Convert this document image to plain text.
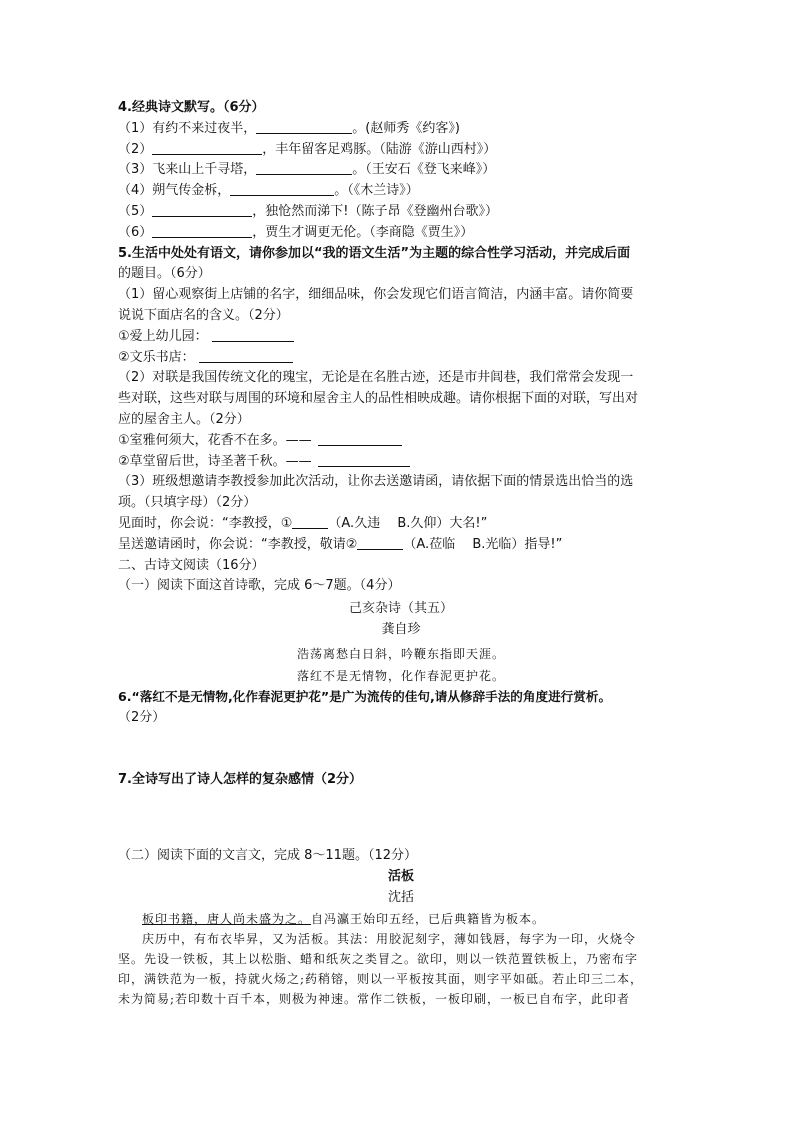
4.经典诗文默写。（6分）
（1）有约不来过夜半，	。(赵师秀《约客》)
（2）	，丰年留客足鸡豚。（陆游《游山西村》）
（3）飞来山上千寻塔，	。（王安石《登飞来峰》）
（4）朔气传金柝，	。（《木兰诗》）
（5）	，独怆然而涕下!（陈子昂《登幽州台歌》）
（6）	，贾生才调更无伦。（李商隐《贾生》）
5.生活中处处有语文，请你参加以“我的语文生活”为主题的综合性学习活动，并完成后面
的题目。（6分）
（1）留心观察街上店铺的名字，细细品味，你会发现它们语言简洁，内涵丰富。请你简要
说说下面店名的含义。（2分）
①爱上幼儿园：
②文乐书店：
（2）对联是我国传统文化的瑰宝，无论是在名胜古迹，还是市井闾巷，我们常常会发现一
些对联，这些对联与周围的环境和屋舍主人的品性相映成趣。请你根据下面的对联，写出对
应的屋舍主人。（2分）
①室雅何须大，花香不在多。——
②草堂留后世，诗圣著千秋。——
（3）班级想邀请李教授参加此次活动，让你去送邀请函，请依据下面的情景选出恰当的选
项。（只填字母）（2分）
见面时，你会说：“李教授，①	（A.久违　 B.久仰）大名!”
呈送邀请函时，你会说：“李教授，敬请②	（A.莅临　 B.光临）指导!”
二、古诗文阅读（16分）
（一）阅读下面这首诗歌，完成 6～7题。（4分）
己亥杂诗（其五）
龚自珍
浩荡离愁白日斜，吟鞭东指即天涯。
落红不是无情物，化作春泥更护花。
6.“落红不是无情物,化作春泥更护花”是广为流传的佳句,请从修辞手法的角度进行赏析。
（2分）
7.全诗写出了诗人怎样的复杂感情（2分）
（二）阅读下面的文言文，完成 8～11题。（12分）
活板
沈括
板印书籍，唐人尚未盛为之。自冯瀛王始印五经，已后典籍皆为板本。
庆历中，有布衣毕昇，又为活板。其法：用胶泥刻字，薄如钱唇，每字为一印，火烧令
坚。先设一铁板，其上以松脂、蜡和纸灰之类冒之。欲印，则以一铁范置铁板上，乃密布字
印，满铁范为一板，持就火炀之;药稍镕，则以一平板按其面，则字平如砥。若止印三二本，
未为简易;若印数十百千本，则极为神速。常作二铁板，一板印刷，一板已自布字，此印者
